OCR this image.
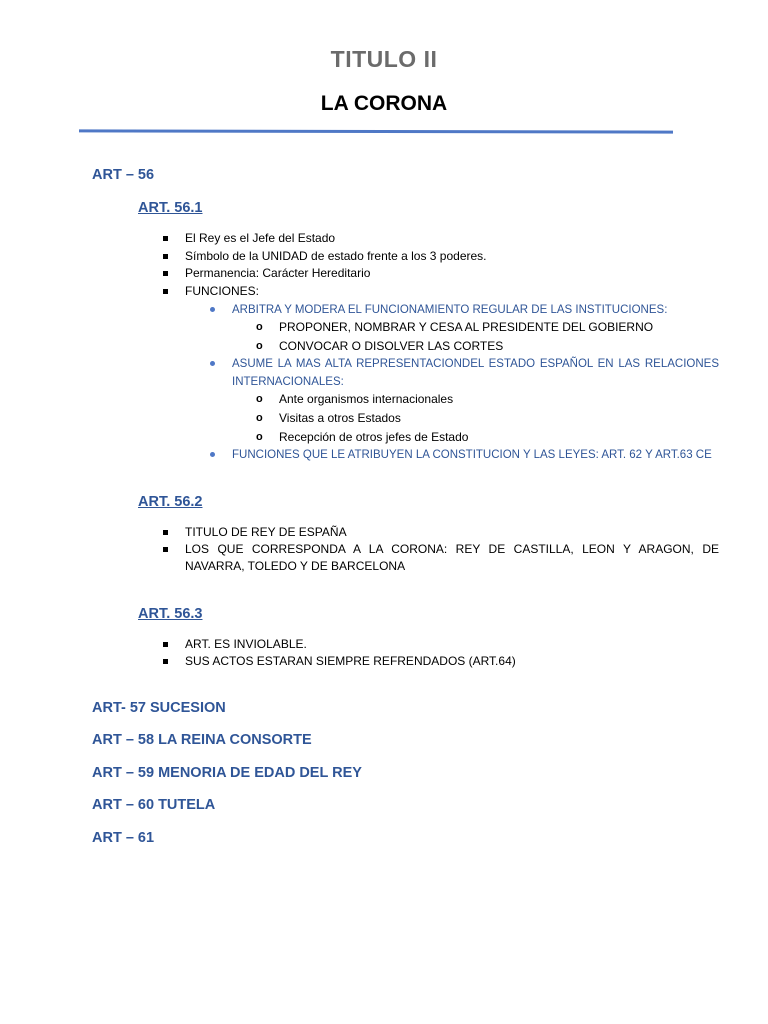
TITULO II
LA CORONA
ART – 56
ART. 56.1
El Rey es el Jefe del Estado
Símbolo de la UNIDAD de estado frente a los 3 poderes.
Permanencia: Carácter Hereditario
FUNCIONES:
ARBITRA Y MODERA EL FUNCIONAMIENTO REGULAR DE LAS INSTITUCIONES:
o	PROPONER, NOMBRAR Y CESA AL PRESIDENTE DEL GOBIERNO
o	CONVOCAR O DISOLVER LAS CORTES
ASUME LA MAS ALTA REPRESENTACIONDEL ESTADO ESPAÑOL EN LAS RELACIONES INTERNACIONALES:
o	Ante organismos internacionales
o	Visitas a otros Estados
o	Recepción de otros jefes de Estado
FUNCIONES QUE LE ATRIBUYEN LA CONSTITUCION Y LAS LEYES: ART. 62 Y ART.63 CE
ART. 56.2
TITULO DE REY DE ESPAÑA
LOS QUE CORRESPONDA A LA CORONA: REY DE CASTILLA, LEON Y ARAGON, DE NAVARRA, TOLEDO Y DE BARCELONA
ART. 56.3
ART. ES INVIOLABLE.
SUS ACTOS ESTARAN SIEMPRE REFRENDADOS (ART.64)
ART- 57 SUCESION
ART – 58 LA REINA CONSORTE
ART – 59 MENORIA DE EDAD DEL REY
ART – 60 TUTELA
ART – 61
